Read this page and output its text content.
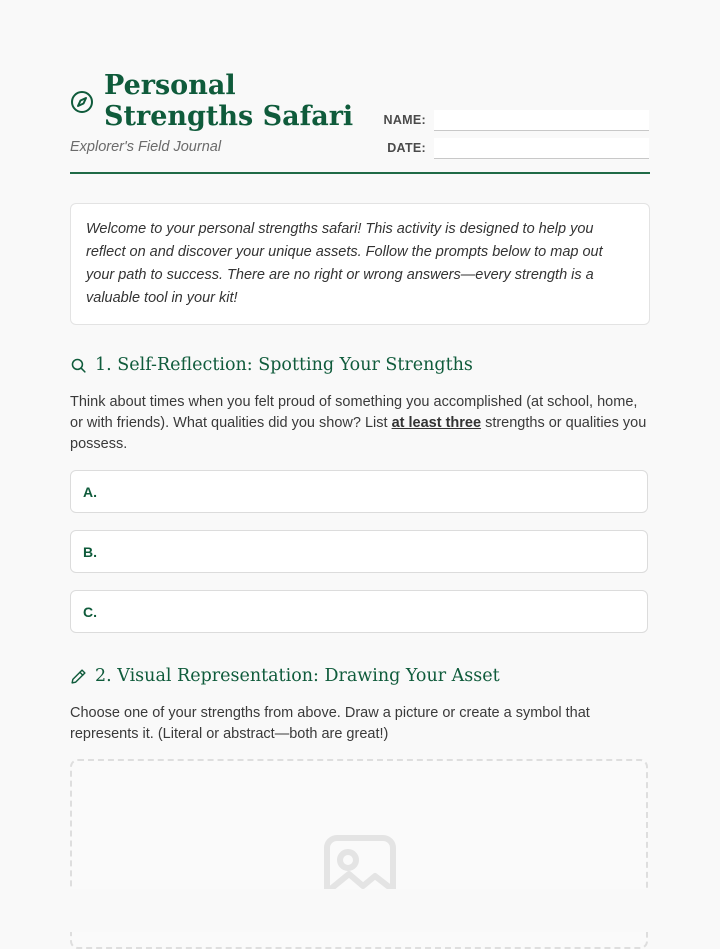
Personal Strengths Safari
Explorer's Field Journal
NAME:
DATE:
Welcome to your personal strengths safari! This activity is designed to help you reflect on and discover your unique assets. Follow the prompts below to map out your path to success. There are no right or wrong answers—every strength is a valuable tool in your kit!
1. Self-Reflection: Spotting Your Strengths
Think about times when you felt proud of something you accomplished (at school, home, or with friends). What qualities did you show? List at least three strengths or qualities you possess.
A.
B.
C.
2. Visual Representation: Drawing Your Asset
Choose one of your strengths from above. Draw a picture or create a symbol that represents it. (Literal or abstract—both are great!)
